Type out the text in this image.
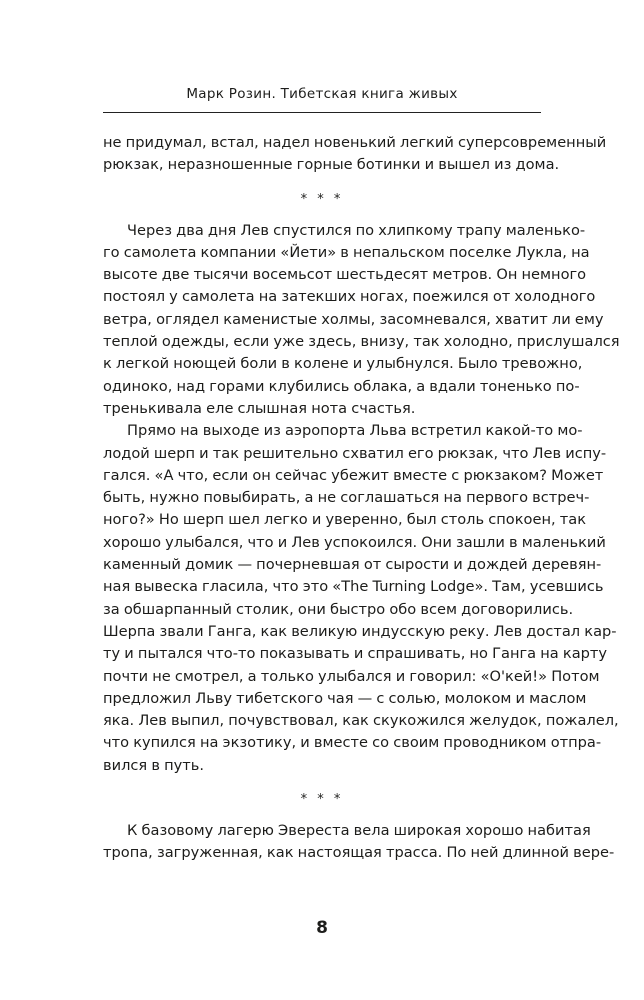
Марк Розин. Тибетская книга живых
не придумал, встал, надел новенький легкий суперсовременный
рюкзак, неразношенные горные ботинки и вышел из дома.
* * *
Через два дня Лев спустился по хлипкому трапу маленько-
го самолета компании «Йети» в непальском поселке Лукла, на
высоте две тысячи восемьсот шестьдесят метров. Он немного
постоял у самолета на затекших ногах, поежился от холодного
ветра, оглядел каменистые холмы, засомневался, хватит ли ему
теплой одежды, если уже здесь, внизу, так холодно, прислушался
к легкой ноющей боли в колене и улыбнулся. Было тревожно,
одиноко, над горами клубились облака, а вдали тоненько по-
тренькивала еле слышная нота счастья.
Прямо на выходе из аэропорта Льва встретил какой-то мо-
лодой шерп и так решительно схватил его рюкзак, что Лев испу-
гался. «А что, если он сейчас убежит вместе с рюкзаком? Может
быть, нужно повыбирать, а не соглашаться на первого встреч-
ного?» Но шерп шел легко и уверенно, был столь спокоен, так
хорошо улыбался, что и Лев успокоился. Они зашли в маленький
каменный домик — почерневшая от сырости и дождей деревян-
ная вывеска гласила, что это «The Turning Lodge». Там, усевшись
за обшарпанный столик, они быстро обо всем договорились.
Шерпа звали Ганга, как великую индусскую реку. Лев достал кар-
ту и пытался что-то показывать и спрашивать, но Ганга на карту
почти не смотрел, а только улыбался и говорил: «О'кей!» Потом
предложил Льву тибетского чая — с солью, молоком и маслом
яка. Лев выпил, почувствовал, как скукожился желудок, пожалел,
что купился на экзотику, и вместе со своим проводником отпра-
вился в путь.
* * *
К базовому лагерю Эвереста вела широкая хорошо набитая
тропа, загруженная, как настоящая трасса. По ней длинной вере-
8
